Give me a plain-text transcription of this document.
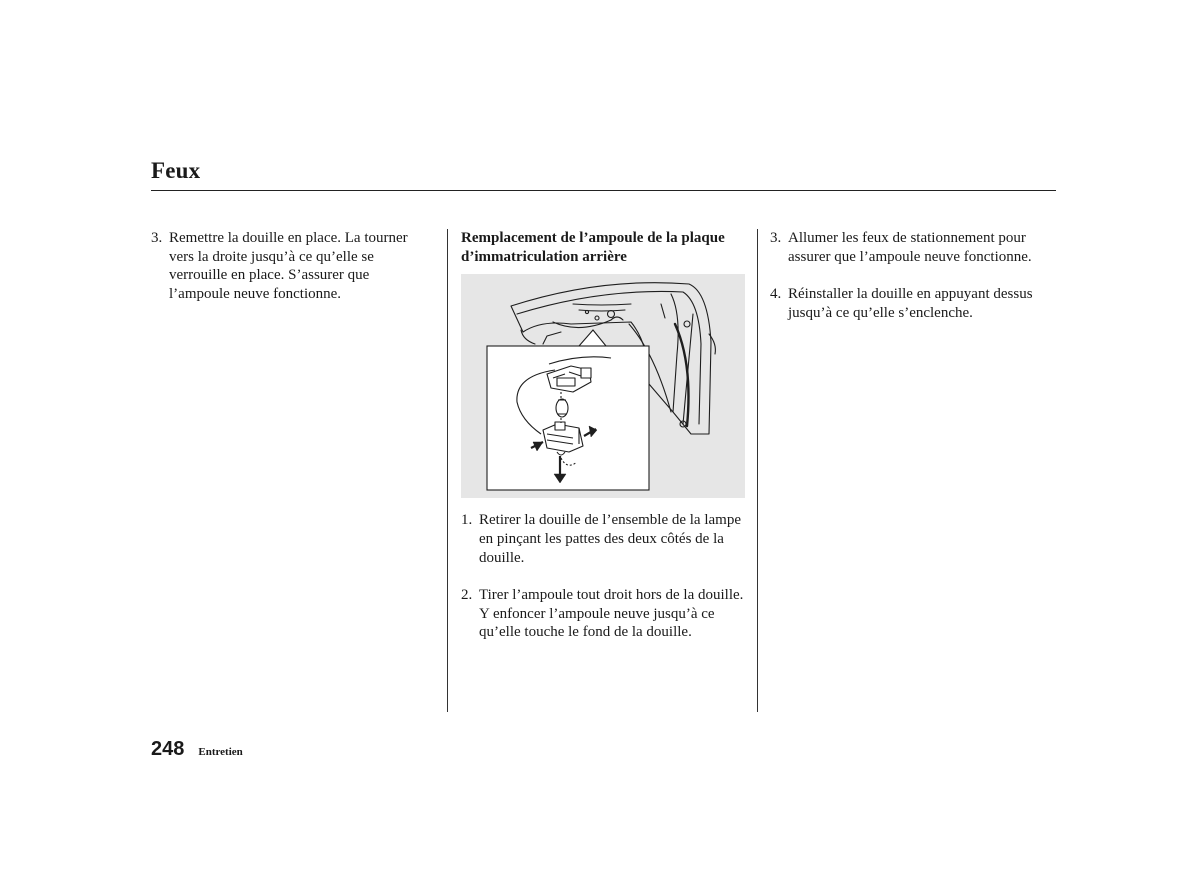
Feux
3. Remettre la douille en place. La tourner vers la droite jusqu’à ce qu’elle se verrouille en place. S’assurer que l’ampoule neuve fonctionne.

Remplacement de l’ampoule de la plaque d’immatriculation arrière

1. Retirer la douille de l’ensemble de la lampe en pinçant les pattes des deux côtés de la douille.
2. Tirer l’ampoule tout droit hors de la douille. Y enfoncer l’ampoule neuve jusqu’à ce qu’elle touche le fond de la douille.
3. Allumer les feux de stationnement pour assurer que l’ampoule neuve fonctionne.
4. Réinstaller la douille en appuyant dessus jusqu’à ce qu’elle s’enclenche.
248 Entretien
